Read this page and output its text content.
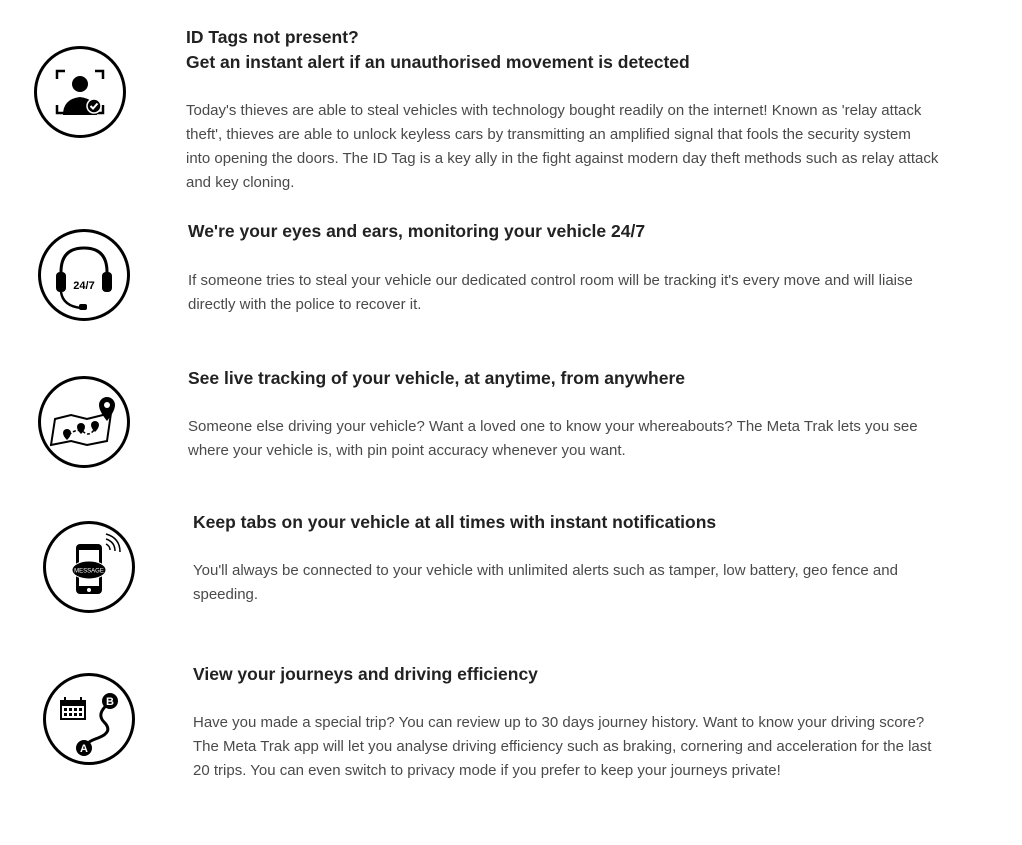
ID Tags not present?
Get an instant alert if an unauthorised movement is detected

Today's thieves are able to steal vehicles with technology bought readily on the internet! Known as 'relay attack
theft', thieves are able to unlock keyless cars by transmitting an amplified signal that fools the security system
into opening the doors. The ID Tag is a key ally in the fight against modern day theft methods such as relay attack
and key cloning.

24/7
We're your eyes and ears, monitoring your vehicle 24/7

If someone tries to steal your vehicle our dedicated control room will be tracking it's every move and will liaise
directly with the police to recover it.

See live tracking of your vehicle, at anytime, from anywhere

Someone else driving your vehicle? Want a loved one to know your whereabouts? The Meta Trak lets you see
where your vehicle is, with pin point accuracy whenever you want.

MESSAGE
Keep tabs on your vehicle at all times with instant notifications

You'll always be connected to your vehicle with unlimited alerts such as tamper, low battery, geo fence and
speeding.

B
A
View your journeys and driving efficiency

Have you made a special trip? You can review up to 30 days journey history. Want to know your driving score?
The Meta Trak app will let you analyse driving efficiency such as braking, cornering and acceleration for the last
20 trips. You can even switch to privacy mode if you prefer to keep your journeys private!
